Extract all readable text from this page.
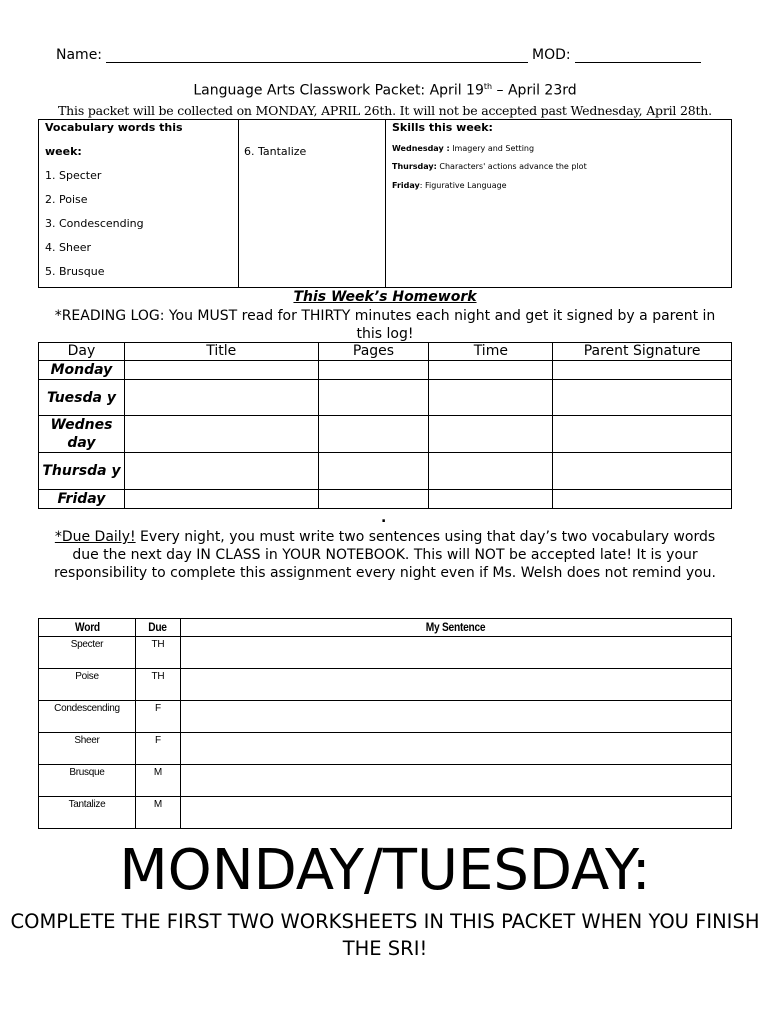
Name:	MOD:
Language Arts Classwork Packet: April 19th – April 23rd
This packet will be collected on MONDAY, APRIL 26th. It will not be accepted past Wednesday, April 28th.
Vocabulary words this
week:
1. Specter
2. Poise
3. Condescending
4. Sheer
5. Brusque
6. Tantalize
Skills this week:
Wednesday : Imagery and Setting
Thursday: Characters' actions advance the plot
Friday: Figurative Language
This Week’s Homework
*READING LOG: You MUST read for THIRTY minutes each night and get it signed by a parent in this log!
Day	Title	Pages	Time	Parent Signature
Monday				
Tuesda y				
Wednes day				
Thursda y				
Friday				
.
*Due Daily! Every night, you must write two sentences using that day’s two vocabulary words due the next day IN CLASS in YOUR NOTEBOOK. This will NOT be accepted late! It is your responsibility to complete this assignment every night even if Ms. Welsh does not remind you.
Word	Due	My Sentence
Specter	TH	
Poise	TH	
Condescending	F	
Sheer	F	
Brusque	M	
Tantalize	M	
MONDAY/TUESDAY:
COMPLETE THE FIRST TWO WORKSHEETS IN THIS PACKET WHEN YOU FINISH THE SRI!
